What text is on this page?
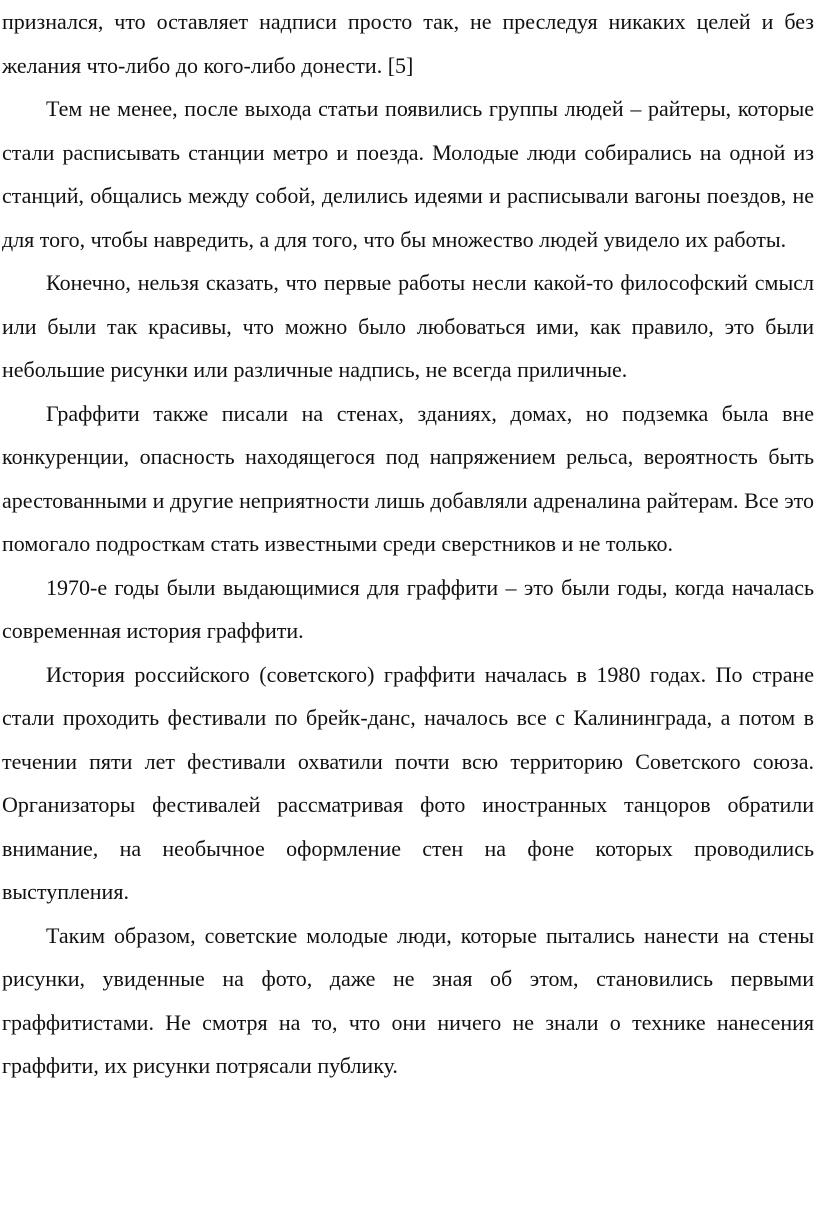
признался, что оставляет надписи просто так, не преследуя никаких целей и без желания что-либо до кого-либо донести. [5]

Тем не менее, после выхода статьи появились группы людей – райтеры, которые стали расписывать станции метро и поезда. Молодые люди собирались на одной из станций, общались между собой, делились идеями и расписывали вагоны поездов, не для того, чтобы навредить, а для того, что бы множество людей увидело их работы.

Конечно, нельзя сказать, что первые работы несли какой-то философский смысл или были так красивы, что можно было любоваться ими, как правило, это были небольшие рисунки или различные надпись, не всегда приличные.

Граффити также писали на стенах, зданиях, домах, но подземка была вне конкуренции, опасность находящегося под напряжением рельса, вероятность быть арестованными и другие неприятности лишь добавляли адреналина райтерам. Все это помогало подросткам стать известными среди сверстников и не только.

1970-е годы были выдающимися для граффити – это были годы, когда началась современная история граффити.

История российского (советского) граффити началась в 1980 годах. По стране стали проходить фестивали по брейк-данс, началось все с Калининграда, а потом в течении пяти лет фестивали охватили почти всю территорию Советского союза. Организаторы фестивалей рассматривая фото иностранных танцоров обратили внимание, на необычное оформление стен на фоне которых проводились выступления.

Таким образом, советские молодые люди, которые пытались нанести на стены рисунки, увиденные на фото, даже не зная об этом, становились первыми граффитистами. Не смотря на то, что они ничего не знали о технике нанесения граффити, их рисунки потрясали публику.
